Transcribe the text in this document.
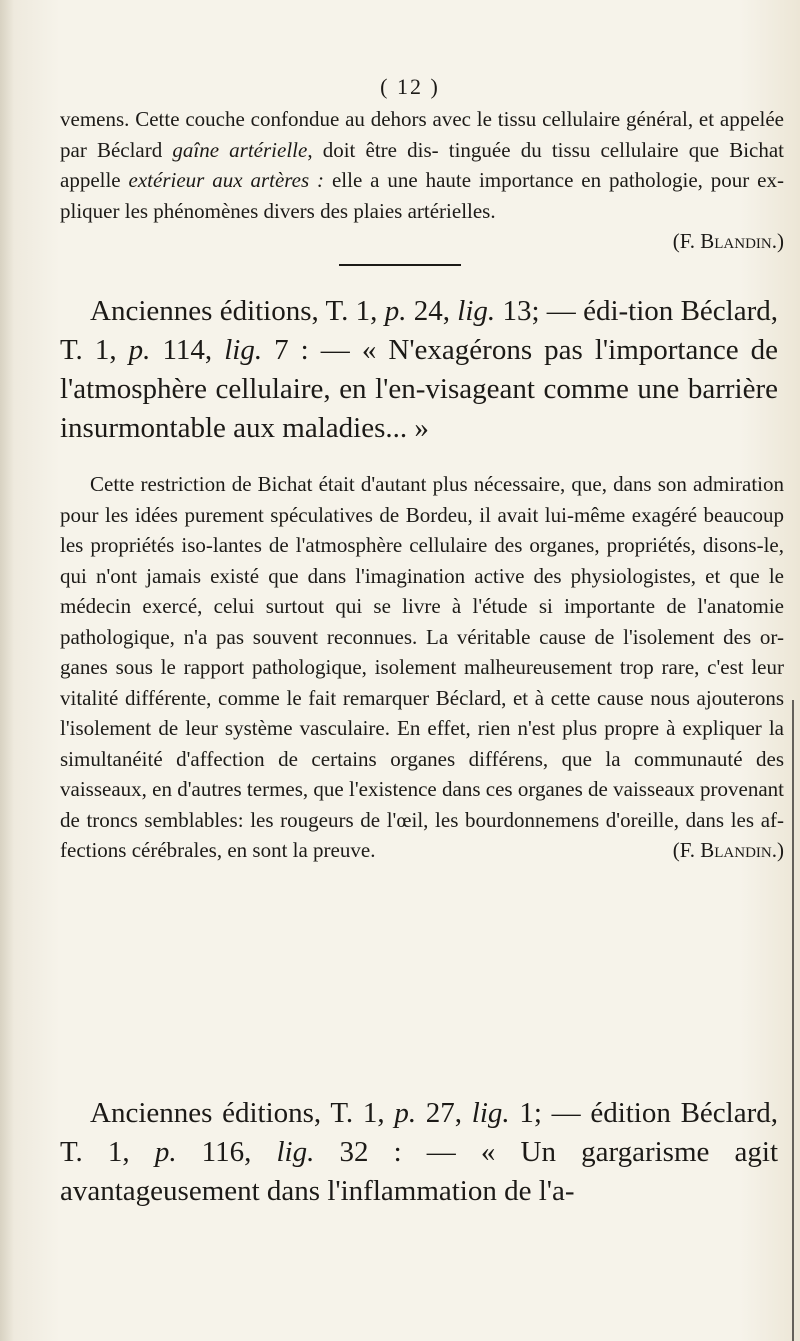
( 12 )
vemens. Cette couche confondue au dehors avec le tissu cellulaire général, et appelée par Béclard gaîne artérielle, doit être dis- tinguée du tissu cellulaire que Bichat appelle extérieur aux artères : elle a une haute importance en pathologie, pour ex- pliquer les phénomènes divers des plaies artérielles.
(F. Blandin.)
Anciennes éditions, T. 1, p. 24, lig. 13; — édi-tion Béclard, T. 1, p. 114, lig. 7 : — « N'exagérons pas l'importance de l'atmosphère cellulaire, en l'en-visageant comme une barrière insurmontable aux maladies... »
Cette restriction de Bichat était d'autant plus nécessaire, que, dans son admiration pour les idées purement spéculatives de Bordeu, il avait lui-même exagéré beaucoup les propriétés iso-lantes de l'atmosphère cellulaire des organes, propriétés, disons-le, qui n'ont jamais existé que dans l'imagination active des physiologistes, et que le médecin exercé, celui surtout qui se livre à l'étude si importante de l'anatomie pathologique, n'a pas souvent reconnues. La véritable cause de l'isolement des or-ganes sous le rapport pathologique, isolement malheureusement trop rare, c'est leur vitalité différente, comme le fait remarquer Béclard, et à cette cause nous ajouterons l'isolement de leur système vasculaire. En effet, rien n'est plus propre à expliquer la simultanéité d'affection de certains organes différens, que la communauté des vaisseaux, en d'autres termes, que l'existence dans ces organes de vaisseaux provenant de troncs semblables: les rougeurs de l'œil, les bourdonnemens d'oreille, dans les af-fections cérébrales, en sont la preuve.	(F. Blandin.)
Anciennes éditions, T. 1, p. 27, lig. 1; — édition Béclard, T. 1, p. 116, lig. 32 : — « Un gargarisme agit avantageusement dans l'inflammation de l'a-
